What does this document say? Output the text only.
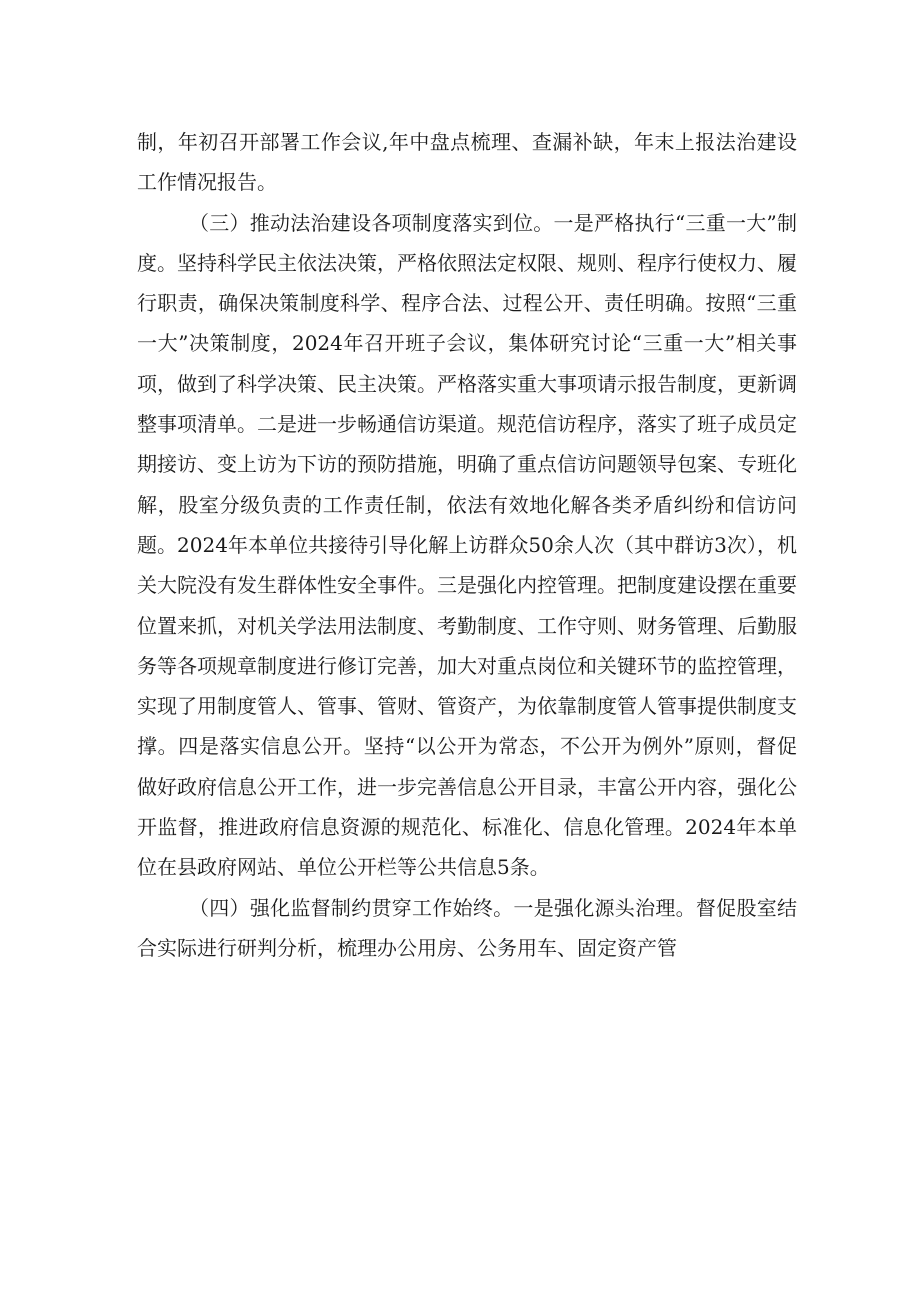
制，年初召开部署工作会议,年中盘点梳理、查漏补缺，年末上报法治建设工作情况报告。

（三）推动法治建设各项制度落实到位。一是严格执行“三重一大”制度。坚持科学民主依法决策，严格依照法定权限、规则、程序行使权力、履行职责，确保决策制度科学、程序合法、过程公开、责任明确。按照“三重一大”决策制度，2024年召开班子会议，集体研究讨论“三重一大”相关事项，做到了科学决策、民主决策。严格落实重大事项请示报告制度，更新调整事项清单。二是进一步畅通信访渠道。规范信访程序，落实了班子成员定期接访、变上访为下访的预防措施，明确了重点信访问题领导包案、专班化解，股室分级负责的工作责任制，依法有效地化解各类矛盾纠纷和信访问题。2024年本单位共接待引导化解上访群众50余人次（其中群访3次），机关大院没有发生群体性安全事件。三是强化内控管理。把制度建设摆在重要位置来抓，对机关学法用法制度、考勤制度、工作守则、财务管理、后勤服务等各项规章制度进行修订完善，加大对重点岗位和关键环节的监控管理，实现了用制度管人、管事、管财、管资产，为依靠制度管人管事提供制度支撑。四是落实信息公开。坚持“以公开为常态，不公开为例外”原则，督促做好政府信息公开工作，进一步完善信息公开目录，丰富公开内容，强化公开监督，推进政府信息资源的规范化、标准化、信息化管理。2024年本单位在县政府网站、单位公开栏等公共信息5条。

（四）强化监督制约贯穿工作始终。一是强化源头治理。督促股室结合实际进行研判分析，梳理办公用房、公务用车、固定资产管
